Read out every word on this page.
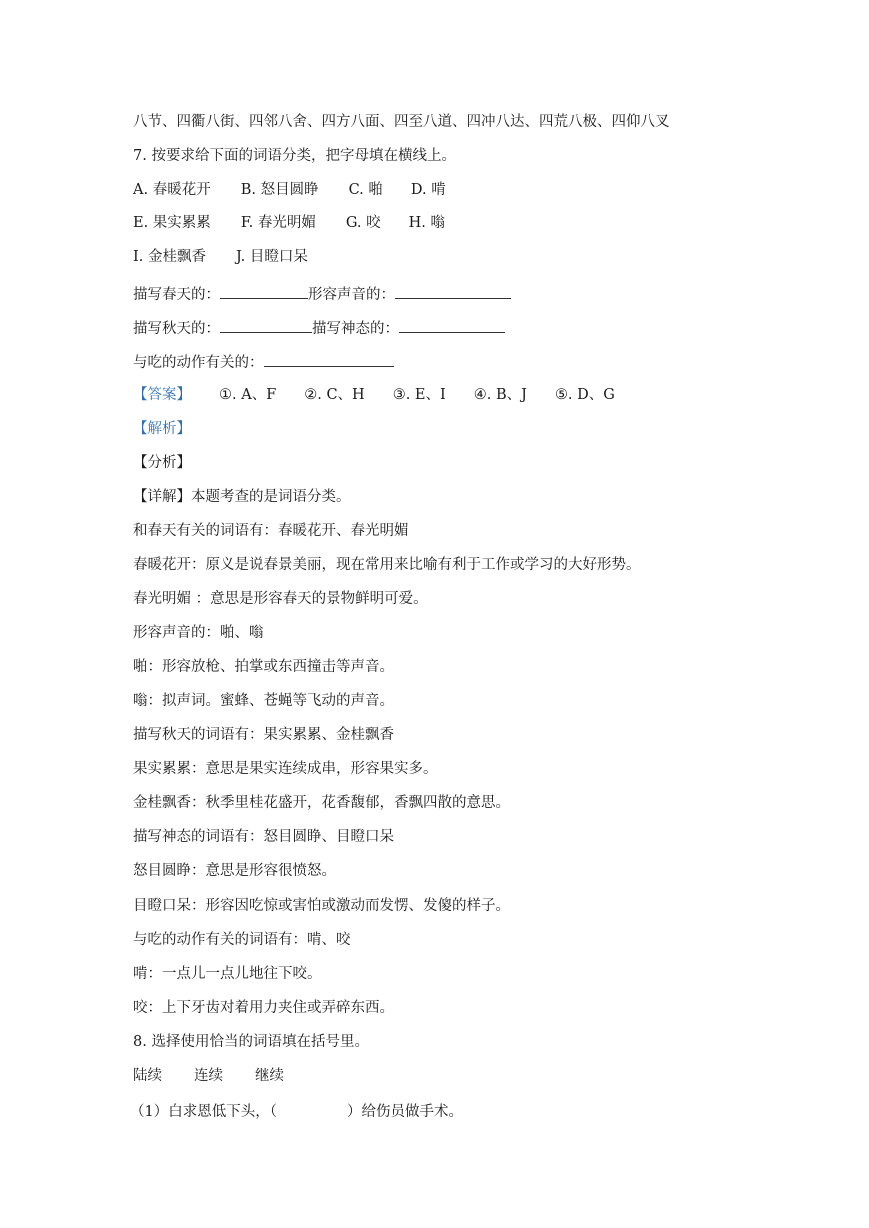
八节、四衢八街、四邻八舍、四方八面、四至八道、四冲八达、四荒八极、四仰八叉
7. 按要求给下面的词语分类，把字母填在横线上。
A. 春暖花开 B. 怒目圆睁 C. 啪 D. 啃
E. 果实累累 F. 春光明媚 G. 咬 H. 嗡
I. 金桂飘香 J. 目瞪口呆
描写春天的：	形容声音的：
描写秋天的：	描写神态的：
与吃的动作有关的：
【答案】 ①. A、F ②. C、H ③. E、I ④. B、J ⑤. D、G
【解析】
【分析】
【详解】本题考查的是词语分类。
和春天有关的词语有：春暖花开、春光明媚
春暖花开：原义是说春景美丽，现在常用来比喻有利于工作或学习的大好形势。
春光明媚 ：意思是形容春天的景物鲜明可爱。
形容声音的：啪、嗡
啪：形容放枪、拍掌或东西撞击等声音。
嗡：拟声词。蜜蜂、苍蝇等飞动的声音。
描写秋天的词语有：果实累累、金桂飘香
果实累累：意思是果实连续成串，形容果实多。
金桂飘香：秋季里桂花盛开，花香馥郁，香飘四散的意思。
描写神态的词语有：怒目圆睁、目瞪口呆
怒目圆睁：意思是形容很愤怒。
目瞪口呆：形容因吃惊或害怕或激动而发愣、发傻的样子。
与吃的动作有关的词语有：啃、咬
啃：一点儿一点儿地往下咬。
咬：上下牙齿对着用力夹住或弄碎东西。
8. 选择使用恰当的词语填在括号里。
陆续 连续 继续
（1）白求恩低下头，（	）给伤员做手术。
